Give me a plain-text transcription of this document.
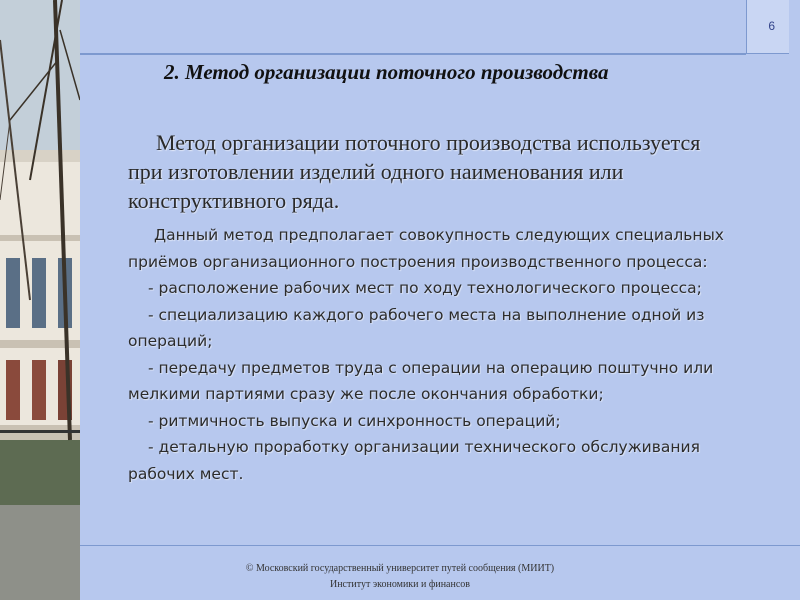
6
2. Метод организации поточного производства

Метод организации поточного производства используется при изготовлении изделий одного наименования или конструктивного ряда.

Данный метод предполагает совокупность следующих специальных приёмов организационного построения производственного процесса:
- расположение рабочих мест по ходу технологического процесса;
- специализацию каждого рабочего места на выполнение одной из операций;
- передачу предметов труда с операции на операцию поштучно или мелкими партиями сразу же после окончания обработки;
- ритмичность выпуска и синхронность операций;
- детальную проработку организации технического обслуживания рабочих мест.
© Московский государственный университет путей сообщения (МИИТ)
Институт экономики и финансов
